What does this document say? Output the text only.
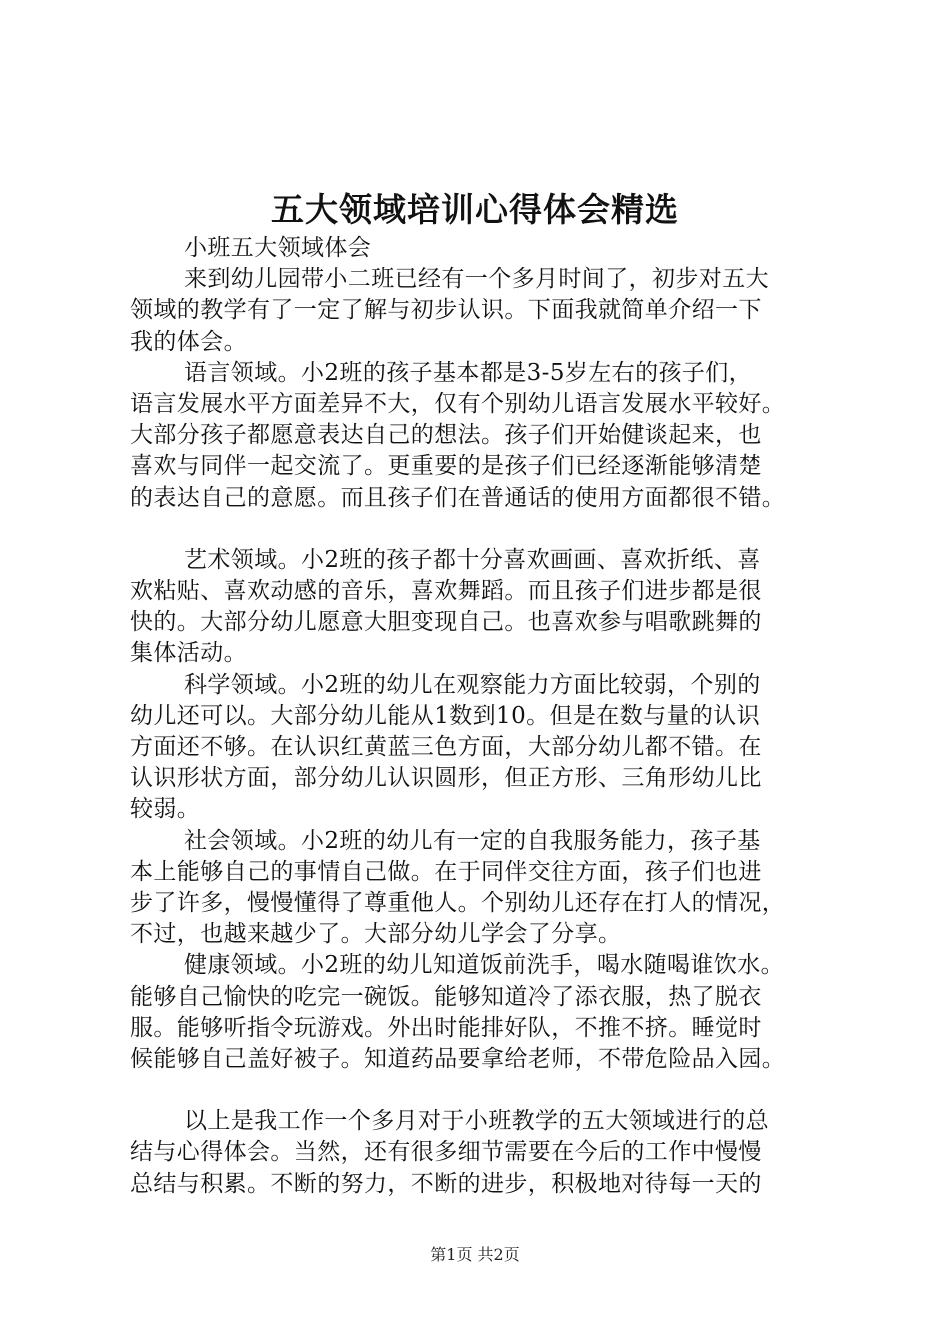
五大领域培训心得体会精选
小班五大领域体会
来到幼儿园带小二班已经有一个多月时间了，初步对五大
领域的教学有了一定了解与初步认识。下面我就简单介绍一下
我的体会。
语言领域。小2班的孩子基本都是3-5岁左右的孩子们，
语言发展水平方面差异不大，仅有个别幼儿语言发展水平较好。
大部分孩子都愿意表达自己的想法。孩子们开始健谈起来，也
喜欢与同伴一起交流了。更重要的是孩子们已经逐渐能够清楚
的表达自己的意愿。而且孩子们在普通话的使用方面都很不错。
艺术领域。小2班的孩子都十分喜欢画画、喜欢折纸、喜
欢粘贴、喜欢动感的音乐，喜欢舞蹈。而且孩子们进步都是很
快的。大部分幼儿愿意大胆变现自己。也喜欢参与唱歌跳舞的
集体活动。
科学领域。小2班的幼儿在观察能力方面比较弱，个别的
幼儿还可以。大部分幼儿能从1数到10。但是在数与量的认识
方面还不够。在认识红黄蓝三色方面，大部分幼儿都不错。在
认识形状方面，部分幼儿认识圆形，但正方形、三角形幼儿比
较弱。
社会领域。小2班的幼儿有一定的自我服务能力，孩子基
本上能够自己的事情自己做。在于同伴交往方面，孩子们也进
步了许多，慢慢懂得了尊重他人。个别幼儿还存在打人的情况，
不过，也越来越少了。大部分幼儿学会了分享。
健康领域。小2班的幼儿知道饭前洗手，喝水随喝谁饮水。
能够自己愉快的吃完一碗饭。能够知道冷了添衣服，热了脱衣
服。能够听指令玩游戏。外出时能排好队，不推不挤。睡觉时
候能够自己盖好被子。知道药品要拿给老师，不带危险品入园。
以上是我工作一个多月对于小班教学的五大领域进行的总
结与心得体会。当然，还有很多细节需要在今后的工作中慢慢
总结与积累。不断的努力，不断的进步，积极地对待每一天的
第1页 共2页
